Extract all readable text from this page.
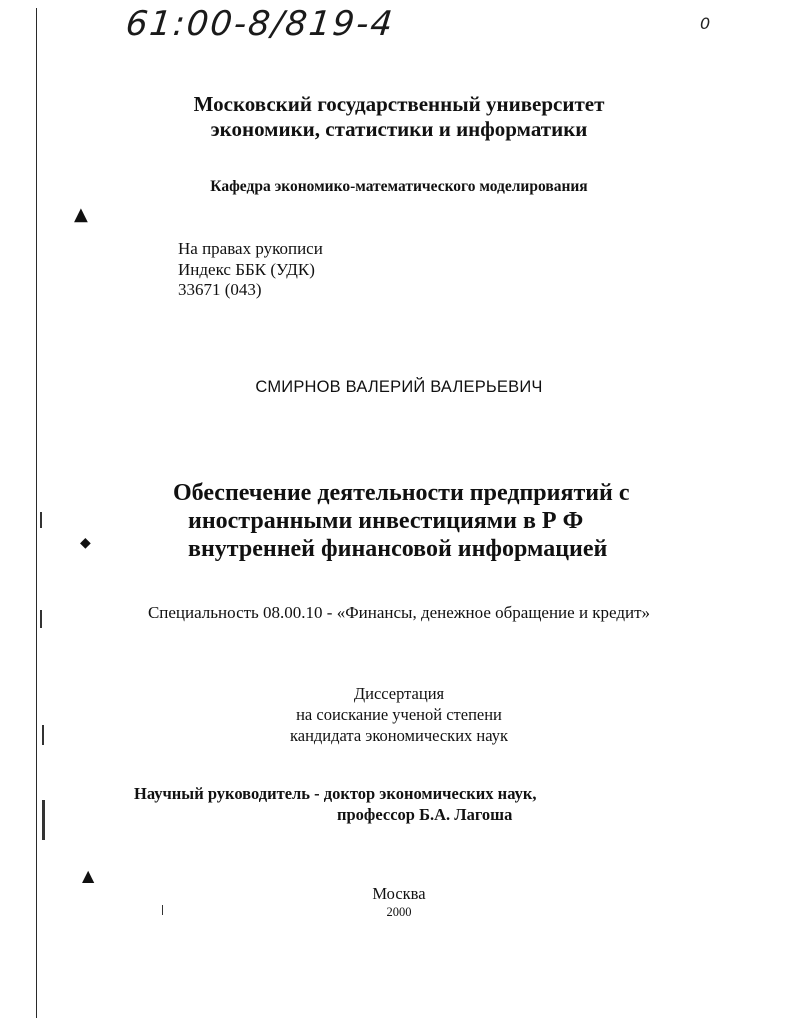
▲
◆
▲
61:00-8/819-4	0
Московский государственный университет
экономики, статистики и информатики
Кафедра экономико-математического моделирования
На правах рукописи
Индекс ББК (УДК)
33671 (043)
СМИРНОВ ВАЛЕРИЙ ВАЛЕРЬЕВИЧ
Обеспечение деятельности предприятий с
иностранными инвестициями в Р Ф
внутренней финансовой информацией
Специальность 08.00.10 - «Финансы, денежное обращение и кредит»
Диссертация
на соискание ученой степени
кандидата экономических наук
Научный руководитель - доктор экономических наук,
профессор Б.А. Лагоша
Москва
2000
